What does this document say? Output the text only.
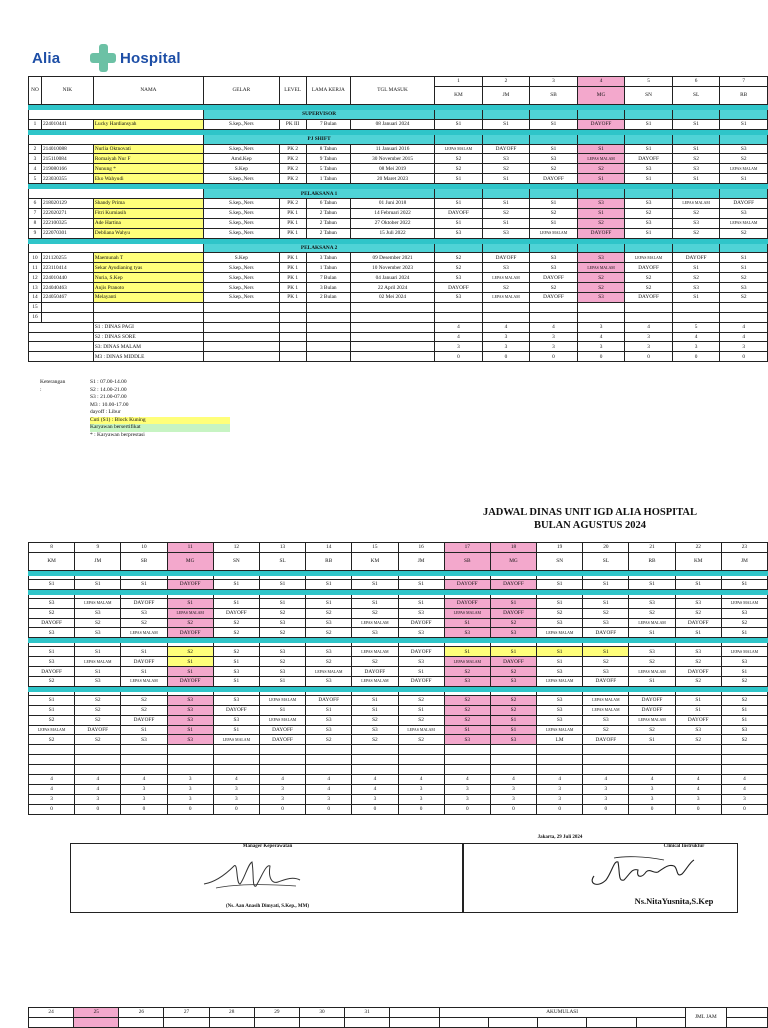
Alia	Hospital
NO	NIK	NAMA	GELAR	LEVEL	LAMA KERJA	TGL MASUK	1	2	3	4	5	6	7
							KM	JM	SB	MG	SN	SL	RB

			SUPERVISOR										
1	224010441	Lucky Hardiansyah	S.kep.,Ners	PK III	7 Bulan	08 Januari 2024	S1	S1	S1	DAYOFF	S1	S1	S1

			PJ SHIFT										
2	214010088	Nurlia Oktnovati	S.kep.,Ners	PK 2	8 Tahun	11 Januari 2016	LEPAS MALAM	DAYOFF	S1	S1	S1	S1	S3
3	215110084	Romaiyah Nur F	Amd.Kep	PK 2	9 Tahun	30 November 2015	S2	S3	S3	LEPAS MALAM	DAYOFF	S2	S2
4	219080166	Nunung *	S.Kep	PK 2	5 Tahun	08 Mei 2019	S2	S2	S2	S2	S3	S3	LEPAS MALAM
5	223030355	Eko Wahyudi	S.kep.,Ners	PK 2	1 Tahun	20 Maret 2023	S1	S1	DAYOFF	S1	S1	S1	S1

			PELAKSANA 1										
6	218020129	Shandy Prima	S.kep.,Ners	PK 2	6 Tahun	01 Juni 2018	S1	S1	S1	S3	S3	LEPAS MALAM	DAYOFF
7	222020271	Fitri Kurniasih	S.kep.,Ners	PK 1	2 Tahun	14 Februari 2022	DAYOFF	S2	S2	S1	S2	S2	S3
8	222100325	Ade Hartina	S.kep.,Ners	PK 1	2 Tahun	27 Oktober 2022	S1	S1	S1	S2	S3	S3	LEPAS MALAM
9	222070301	Debliana Wahyu	S.kep.,Ners	PK 1	2 Tahun	15 Juli 2022	S3	S3	LEPAS MALAM	DAYOFF	S1	S2	S2

			PELAKSANA 2										
10	221120255	Maemunah T	S.Kep	PK 1	3 Tahun	09 Desember 2021	S2	DAYOFF	S3	S3	LEPAS MALAM	DAYOFF	S1
11	223110414	Sekar Ayudianing tyas	S.kep.,Ners	PK 1	1 Tahun	10 November 2023	S2	S3	S3	LEPAS MALAM	DAYOFF	S1	S1
12	224010440	Nuria, S.Kep	S.kep.,Ners	PK 1	7 Bulan	04 Januari 2024	S3	LEPAS MALAM	DAYOFF	S2	S2	S2	S2
13	224040463	Anjis Pranoto	S.kep.,Ners	PK 1	3 Bulan	22 April 2024	DAYOFF	S2	S2	S2	S2	S3	S3
14	224050467	Melayanti	S.kep.,Ners	PK 1	2 Bulan	02 Mei 2024	S3	LEPAS MALAM	DAYOFF	S3	DAYOFF	S1	S2
15													
16													
		S1 : DINAS PAGI					4	4	4	3	4	5	4
		S2 : DINAS SORE					4	3	3	4	3	4	4
		S3: DINAS MALAM					3	3	3	3	3	3	3
		M3 : DINAS MIDDLE					0	0	0	0	0	0	0
Keterangan :
S1 : 07.00-14.00
S2 : 14.00-21.00
S3 : 21.00-07.00
M3 : 10.00-17.00
dayoff : Libur
Cuti (S1) : Block Kuning
Karyawan bersertifikat
* : Karyawan berprestasi
JADWAL DINAS UNIT IGD ALIA HOSPITAL
BULAN AGUSTUS 2024
8	9	10	11	12	13	14	15	16	17	18	19	20	21	22	23
KM	JM	SB	MG	SN	SL	RB	KM	JM	SB	MG	SN	SL	RB	KM	JM

S1	S1	S1	DAYOFF	S1	S1	S1	S1	S1	DAYOFF	DAYOFF	S1	S1	S1	S1	S1

S3	LEPAS MALAM	DAYOFF	S1	S1	S1	S1	S1	S1	DAYOFF	S1	S1	S1	S3	S3	LEPAS MALAM
S2	S3	S3	LEPAS MALAM	DAYOFF	S2	S2	S2	S3	LEPAS MALAM	DAYOFF	S2	S2	S2	S2	S3
DAYOFF	S2	S2	S2	S2	S3	S3	LEPAS MALAM	DAYOFF	S1	S2	S3	S3	LEPAS MALAM	DAYOFF	S2
S3	S3	LEPAS MALAM	DAYOFF	S2	S2	S2	S3	S3	S3	S3	LEPAS MALAM	DAYOFF	S1	S1	S1

S1	S1	S1	S2	S2	S3	S3	LEPAS MALAM	DAYOFF	S1	S1	S1	S1	S3	S3	LEPAS MALAM
S3	LEPAS MALAM	DAYOFF	S1	S1	S2	S2	S2	S3	LEPAS MALAM	DAYOFF	S1	S2	S2	S2	S3
DAYOFF	S1	S1	S1	S3	S3	LEPAS MALAM	DAYOFF	S1	S2	S2	S3	S3	LEPAS MALAM	DAYOFF	S1
S2	S3	LEPAS MALAM	DAYOFF	S1	S1	S3	LEPAS MALAM	DAYOFF	S3	S3	LEPAS MALAM	DAYOFF	S1	S2	S2

S1	S2	S2	S3	S3	LEPAS MALAM	DAYOFF	S1	S2	S2	S2	S3	LEPAS MALAM	DAYOFF	S1	S2
S1	S2	S2	S3	DAYOFF	S1	S1	S1	S1	S2	S2	S3	LEPAS MALAM	DAYOFF	S1	S1
S2	S2	DAYOFF	S3	S3	LEPAS MALAM	S3	S2	S2	S2	S1	S3	S3	LEPAS MALAM	DAYOFF	S1
LEPAS MALAM	DAYOFF	S1	S1	S1	DAYOFF	S3	S3	LEPAS MALAM	S1	S1	LEPAS MALAM	S2	S2	S3	S3
S2	S2	S3	S3	LEPAS MALAM	DAYOFF	S2	S2	S2	S3	S3	LM	DAYOFF	S1	S2	S2

4	4	4	3	4	4	4	4	4	4	4	4	4	4	4	4
4	4	3	3	3	3	4	4	3	3	3	3	3	3	4	4
3	3	3	3	3	3	3	3	3	3	3	3	3	3	3	3
0	0	0	0	0	0	0	0	0	0	0	0	0	0	0	0
Jakarta, 29 Juli 2024
Manager Keperawatan
(Ns. Aan Anasih Dimyati, S.Kep., MM)
Clinical Instruktur
Ns.NitaYusnita,S.Kep
24	25	26	27	28	29	30	31		AKUMULASI					JML JAM	
